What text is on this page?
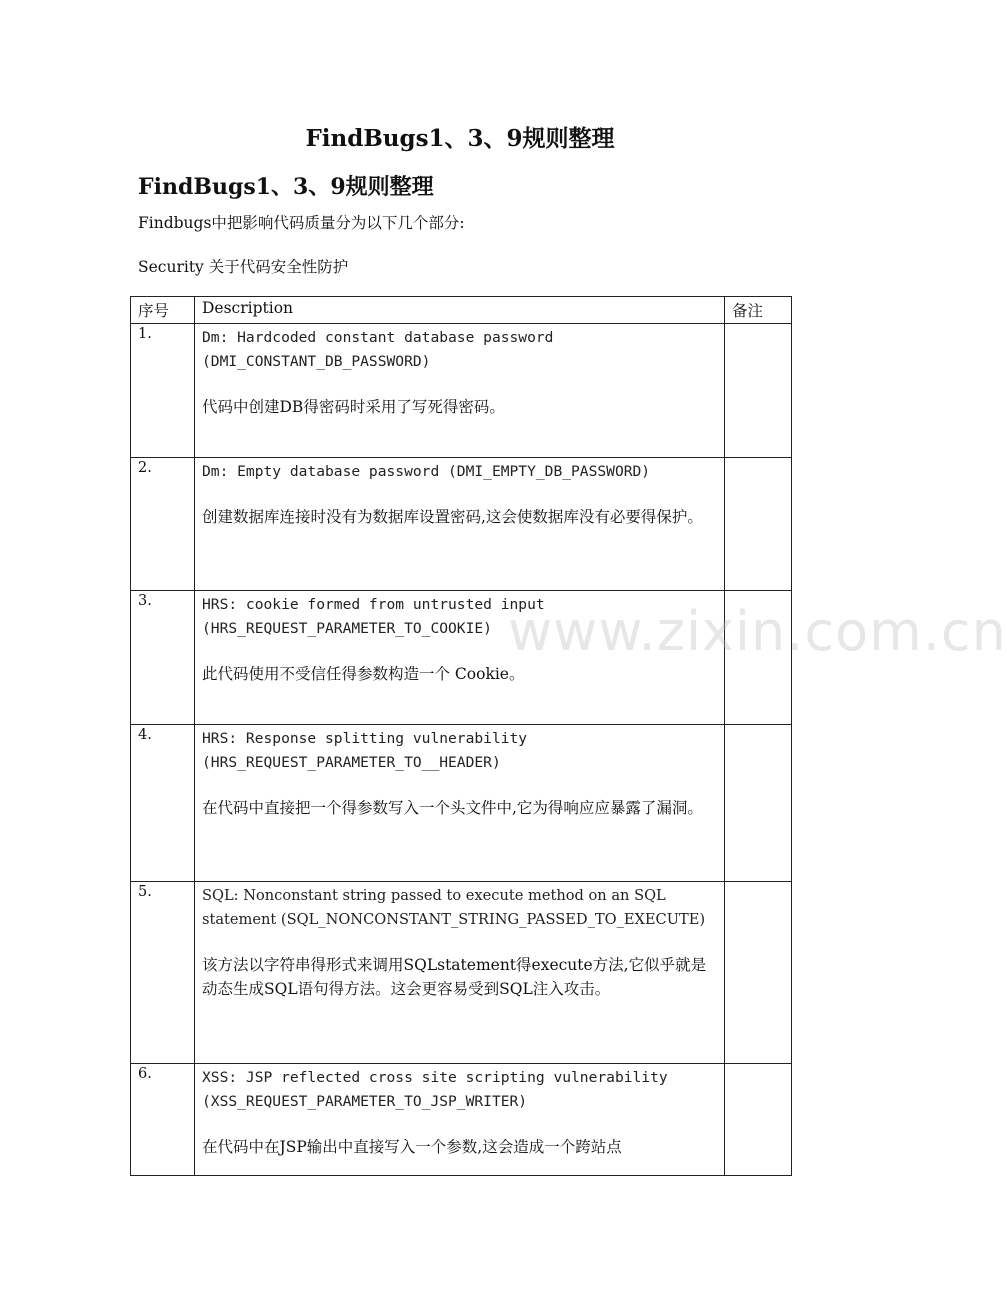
FindBugs1、3、9规则整理
FindBugs1、3、9规则整理

Findbugs中把影响代码质量分为以下几个部分:

Security 关于代码安全性防护

序号	Description	备注
1.	Dm: Hardcoded constant database password (DMI_CONSTANT_DB_PASSWORD)

代码中创建DB得密码时采用了写死得密码。	

2.	Dm: Empty database password (DMI_EMPTY_DB_PASSWORD)

创建数据库连接时没有为数据库设置密码,这会使数据库没有必要得保护。	

3.	HRS: cookie formed from untrusted input (HRS_REQUEST_PARAMETER_TO_COOKIE)

此代码使用不受信任得参数构造一个 Cookie。	

4.	HRS: Response splitting vulnerability (HRS_REQUEST_PARAMETER_TO__HEADER)

在代码中直接把一个得参数写入一个头文件中,它为得响应应暴露了漏洞。	

5.	SQL: Nonconstant string passed to execute method on an SQL statement (SQL_NONCONSTANT_STRING_PASSED_TO_EXECUTE)

该方法以字符串得形式来调用SQLstatement得execute方法,它似乎就是动态生成SQL语句得方法。这会更容易受到SQL注入攻击。	

6.	XSS: JSP reflected cross site scripting vulnerability (XSS_REQUEST_PARAMETER_TO_JSP_WRITER)

在代码中在JSP输出中直接写入一个参数,这会造成一个跨站点	

www.zixin.com.cn
